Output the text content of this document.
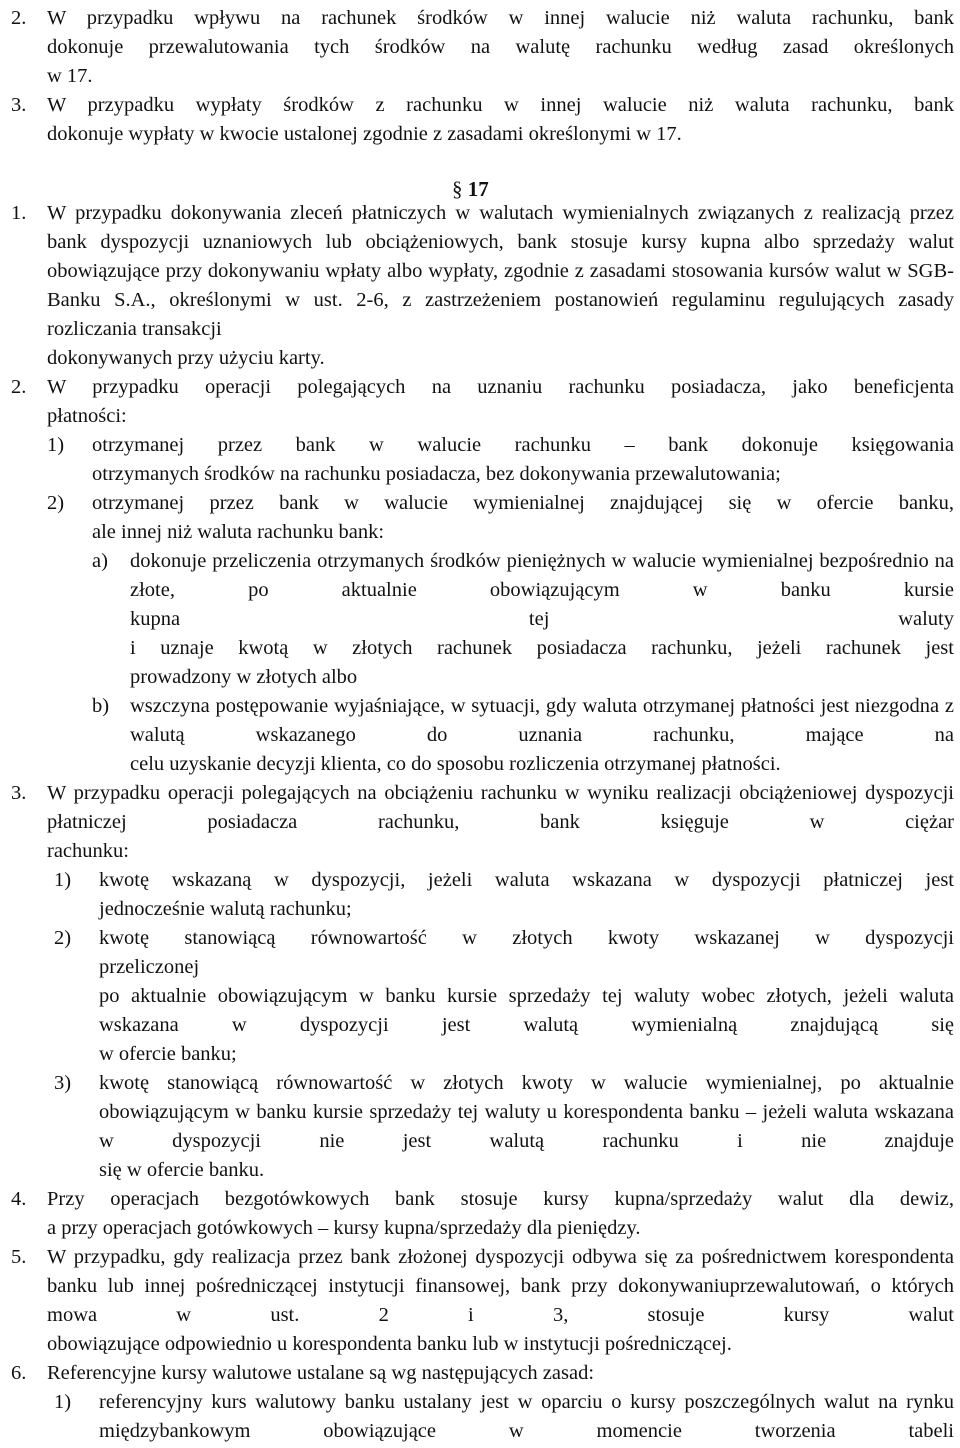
2. W przypadku wpływu na rachunek środków w innej walucie niż waluta rachunku, bank
dokonuje przewalutowania tych środków na walutę rachunku według zasad określonych
w 17.
3. W przypadku wypłaty środków z rachunku w innej walucie niż waluta rachunku, bank
dokonuje wypłaty w kwocie ustalonej zgodnie z zasadami określonymi w 17.
§ 17
1. W przypadku dokonywania zleceń płatniczych w walutach wymienialnych związanych z realizacją przez bank dyspozycji uznaniowych lub obciążeniowych, bank stosuje kursy kupna albo sprzedaży walut obowiązujące przy dokonywaniu wpłaty albo wypłaty, zgodnie z zasadami stosowania kursów walut w SGB-Banku S.A., określonymi w ust. 2-6, z zastrzeżeniem postanowień regulaminu regulujących zasady rozliczania transakcji
dokonywanych przy użyciu karty.
2. W przypadku operacji polegających na uznaniu rachunku posiadacza, jako beneficjenta
płatności:
1) otrzymanej przez bank w walucie rachunku – bank dokonuje księgowania
otrzymanych środków na rachunku posiadacza, bez dokonywania przewalutowania;
2) otrzymanej przez bank w walucie wymienialnej znajdującej się w ofercie banku,
ale innej niż waluta rachunku bank:
a) dokonuje przeliczenia otrzymanych środków pieniężnych w walucie wymienialnej bezpośrednio na złote, po aktualnie obowiązującym w banku kursie
kupna	tej	waluty
i uznaje kwotą w złotych rachunek posiadacza rachunku, jeżeli rachunek jest
prowadzony w złotych albo
b) wszczyna postępowanie wyjaśniające, w sytuacji, gdy waluta otrzymanej płatności jest niezgodna z walutą wskazanego do uznania rachunku, mające na
celu uzyskanie decyzji klienta, co do sposobu rozliczenia otrzymanej płatności.
3. W przypadku operacji polegających na obciążeniu rachunku w wyniku realizacji obciążeniowej dyspozycji płatniczej posiadacza rachunku, bank księguje w ciężar
rachunku:
1) kwotę wskazaną w dyspozycji, jeżeli waluta wskazana w dyspozycji płatniczej jest
jednocześnie walutą rachunku;
2) kwotę stanowiącą równowartość w złotych kwoty wskazanej w dyspozycji
przeliczonej
po aktualnie obowiązującym w banku kursie sprzedaży tej waluty wobec złotych, jeżeli waluta wskazana w dyspozycji jest walutą wymienialną znajdującą się
w ofercie banku;
3) kwotę stanowiącą równowartość w złotych kwoty w walucie wymienialnej, po aktualnie obowiązującym w banku kursie sprzedaży tej waluty u korespondenta banku – jeżeli waluta wskazana w dyspozycji nie jest walutą rachunku i nie znajduje
się w ofercie banku.
4. Przy operacjach bezgotówkowych bank stosuje kursy kupna/sprzedaży walut dla dewiz,
a przy operacjach gotówkowych – kursy kupna/sprzedaży dla pieniędzy.
5. W przypadku, gdy realizacja przez bank złożonej dyspozycji odbywa się za pośrednictwem korespondenta banku lub innej pośredniczącej instytucji finansowej, bank przy dokonywaniuprzewalutowań, o których mowa w ust. 2 i 3, stosuje kursy walut
obowiązujące odpowiednio u korespondenta banku lub w instytucji pośredniczącej.
6. Referencyjne kursy walutowe ustalane są wg następujących zasad:
1) referencyjny kurs walutowy banku ustalany jest w oparciu o kursy poszczególnych walut na rynku międzybankowym obowiązujące w momencie tworzenia tabeli
